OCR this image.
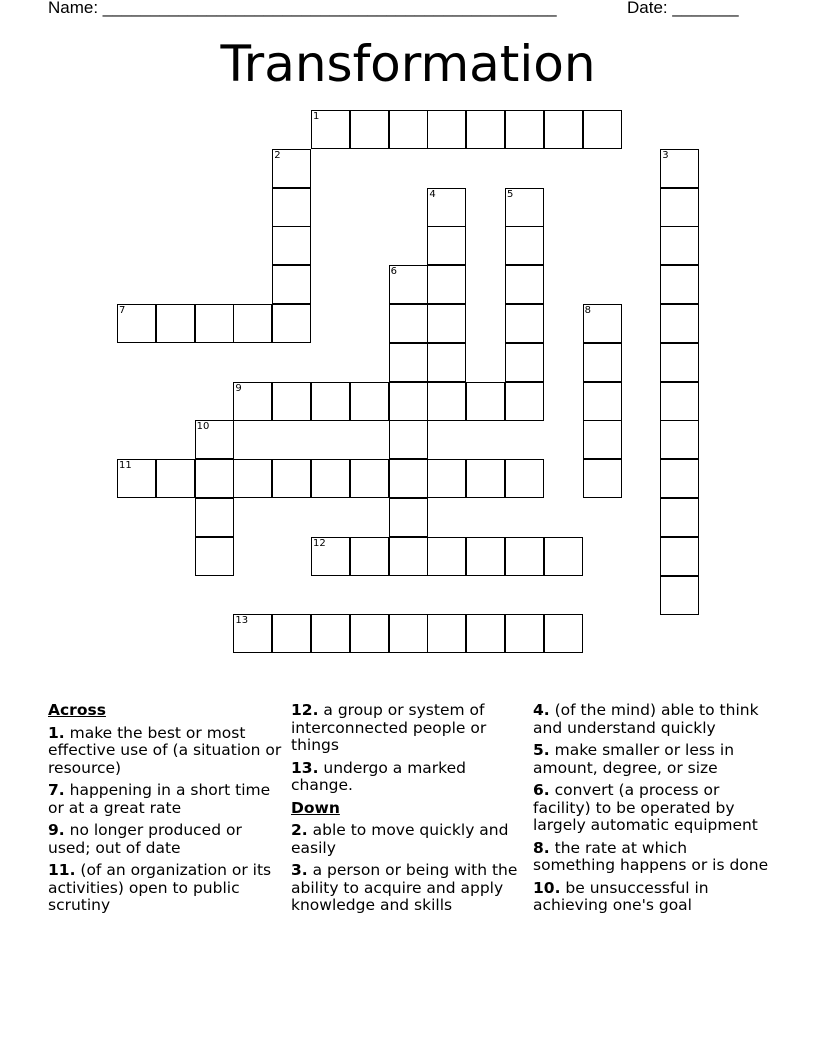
Name: ________________________________________________	Date: _______
Transformation
1
2	3
4	5
6
7	8
9
10
11
12
13
Across
1. make the best or most effective use of (a situation or resource)
7. happening in a short time or at a great rate
9. no longer produced or used; out of date
11. (of an organization or its activities) open to public scrutiny
12. a group or system of interconnected people or things
13. undergo a marked change.
Down
2. able to move quickly and easily
3. a person or being with the ability to acquire and apply knowledge and skills
4. (of the mind) able to think and understand quickly
5. make smaller or less in amount, degree, or size
6. convert (a process or facility) to be operated by largely automatic equipment
8. the rate at which something happens or is done
10. be unsuccessful in achieving one's goal
